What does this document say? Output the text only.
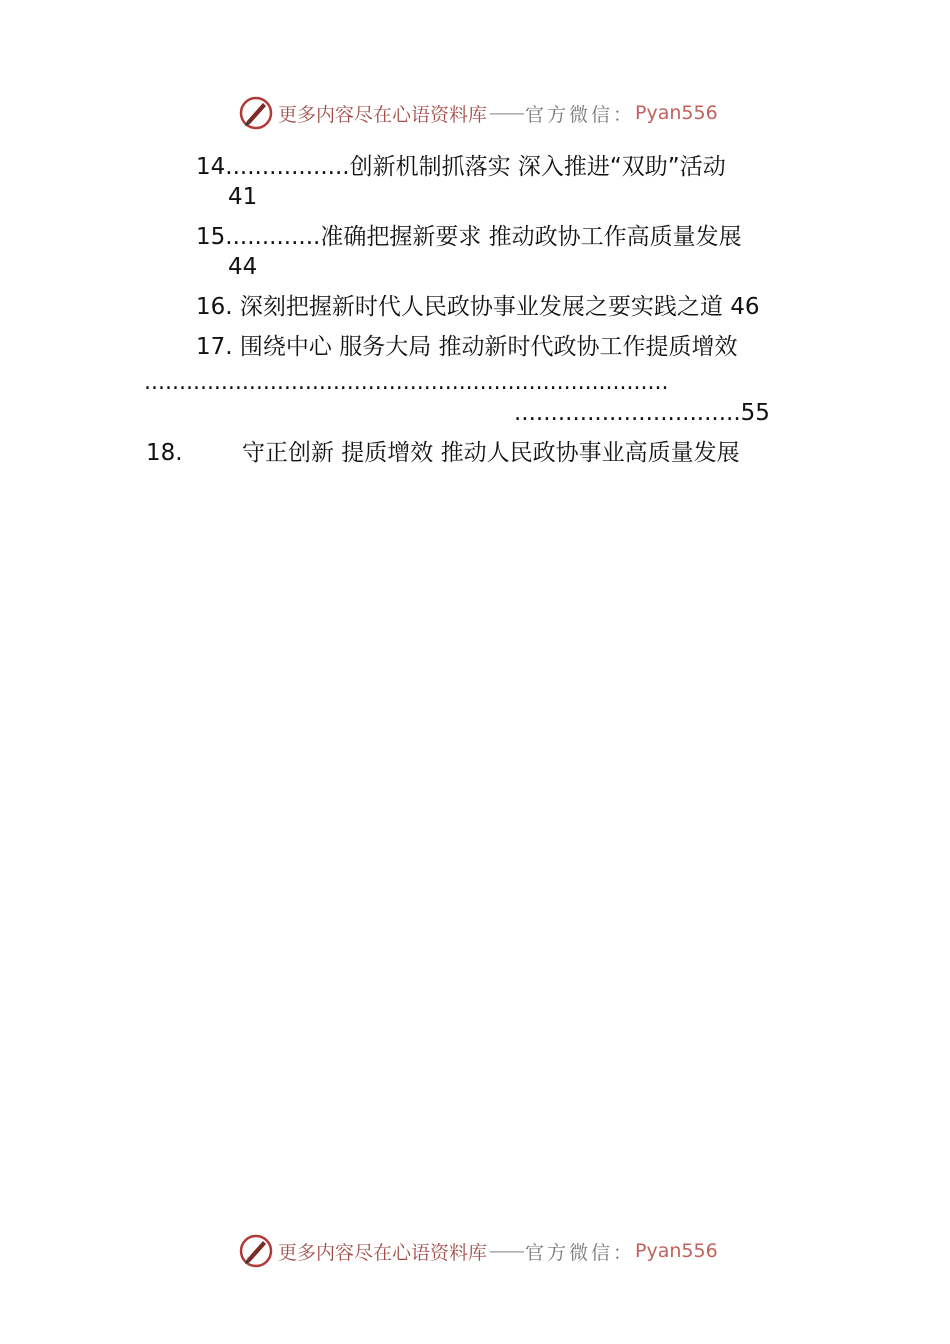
更多内容尽在心语资料库 —— 官方微信： Pyan556
14.................创新机制抓落实 深入推进“双助”活动
41
15.............准确把握新要求 推动政协工作高质量发展
44
16. 深刻把握新时代人民政协事业发展之要实践之道 46
17. 围绕中心 服务大局 推动新时代政协工作提质增效
...........................................................................
...............................55
18.	守正创新 提质增效 推动人民政协事业高质量发展
更多内容尽在心语资料库 —— 官方微信： Pyan556
